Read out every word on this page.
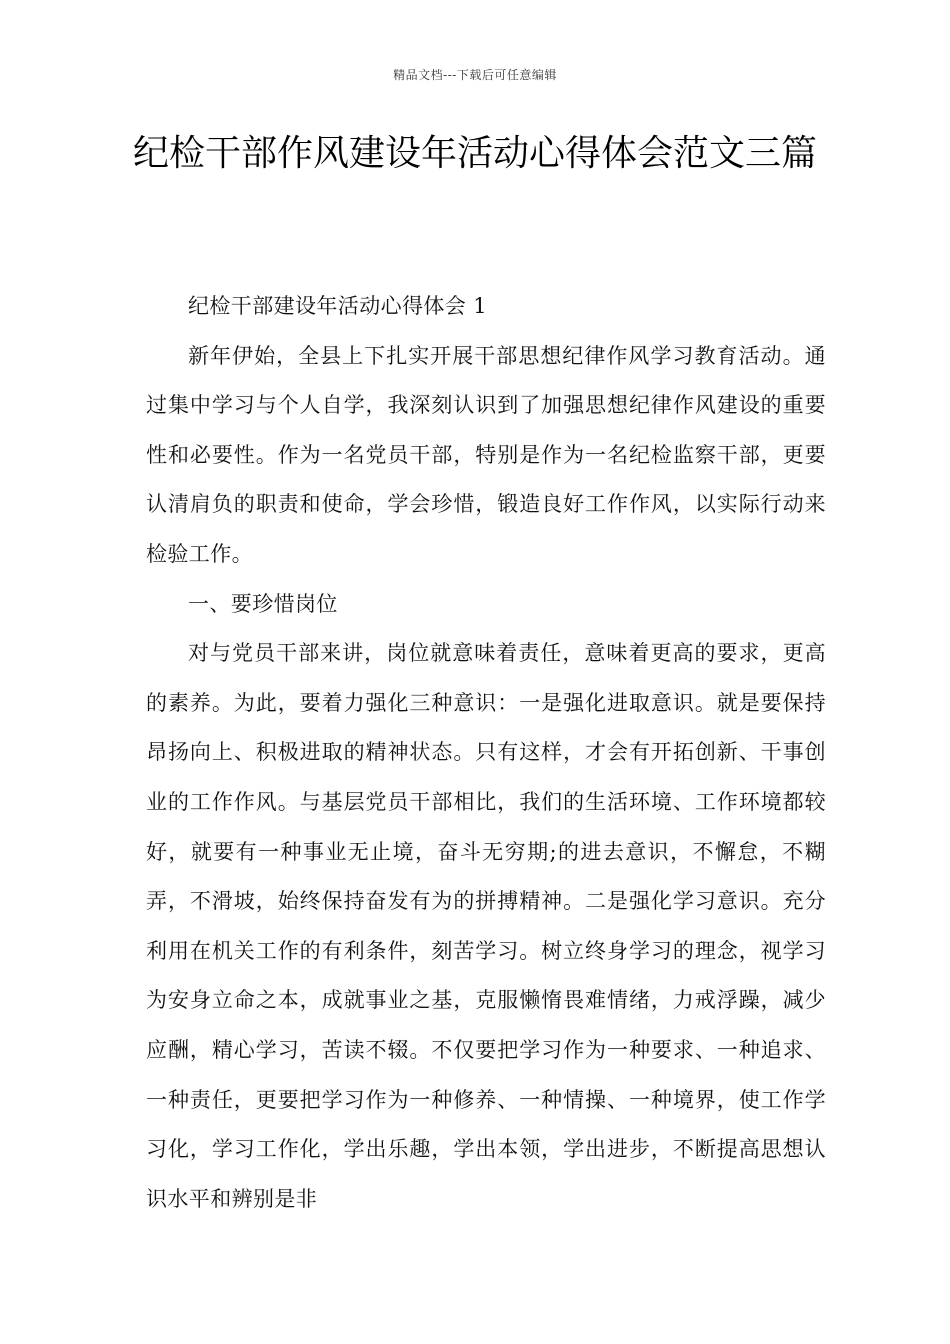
精品文档---下载后可任意编辑
纪检干部作风建设年活动心得体会范文三篇

纪检干部建设年活动心得体会 1

新年伊始，全县上下扎实开展干部思想纪律作风学习教育活动。通过集中学习与个人自学，我深刻认识到了加强思想纪律作风建设的重要性和必要性。作为一名党员干部，特别是作为一名纪检监察干部，更要认清肩负的职责和使命，学会珍惜，锻造良好工作作风，以实际行动来检验工作。

一、要珍惜岗位

对与党员干部来讲，岗位就意味着责任，意味着更高的要求，更高的素养。为此，要着力强化三种意识：一是强化进取意识。就是要保持昂扬向上、积极进取的精神状态。只有这样，才会有开拓创新、干事创业的工作作风。与基层党员干部相比，我们的生活环境、工作环境都较好，就要有一种事业无止境，奋斗无穷期;的进去意识，不懈怠，不糊弄，不滑坡，始终保持奋发有为的拼搏精神。二是强化学习意识。充分利用在机关工作的有利条件，刻苦学习。树立终身学习的理念，视学习为安身立命之本，成就事业之基，克服懒惰畏难情绪，力戒浮躁，减少应酬，精心学习，苦读不辍。不仅要把学习作为一种要求、一种追求、一种责任，更要把学习作为一种修养、一种情操、一种境界，使工作学习化，学习工作化，学出乐趣，学出本领，学出进步，不断提高思想认识水平和辨别是非
